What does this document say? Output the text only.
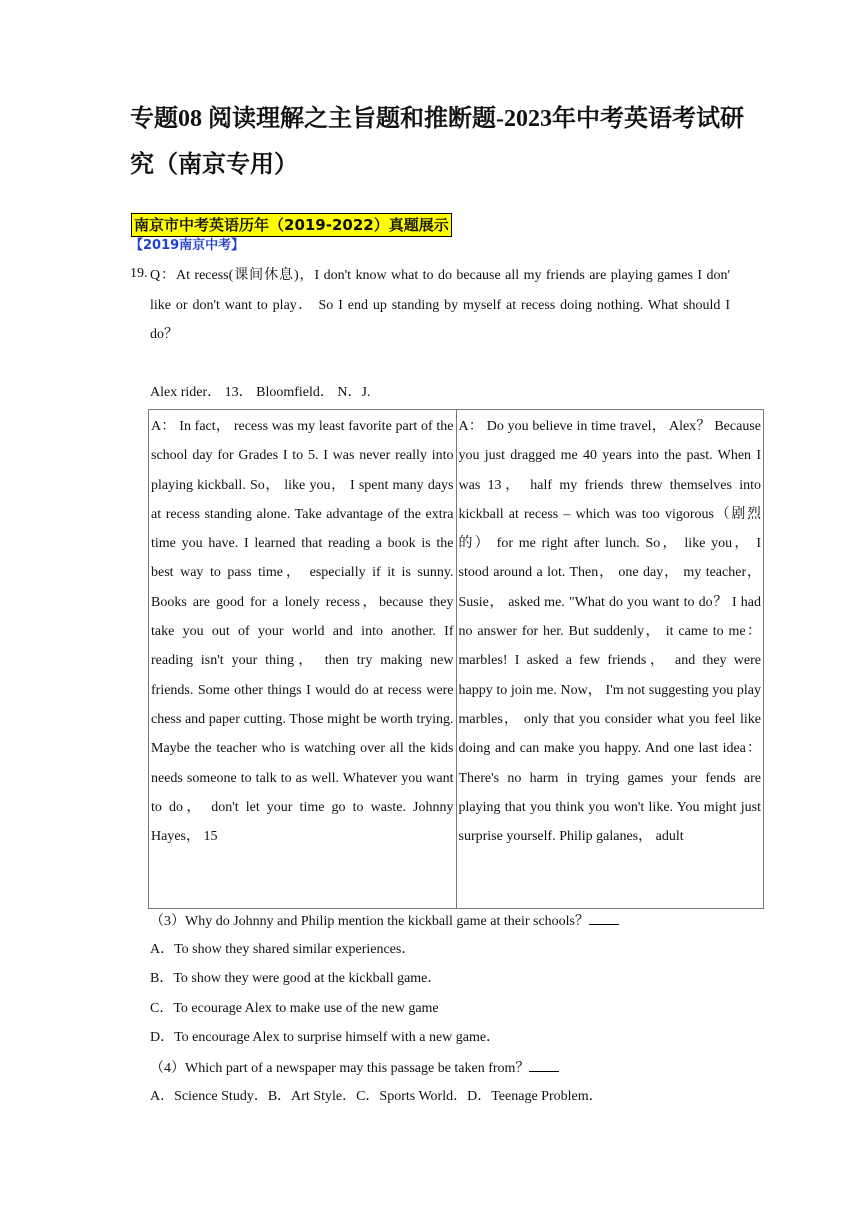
专题08 阅读理解之主旨题和推断题-2023年中考英语考试研究（南京专用）
南京市中考英语历年（2019-2022）真题展示
【2019南京中考】
19. Q：At recess(课间休息)，I don't know what to do because all my friends are playing games I don' like or don't want to play． So I end up standing by myself at recess doing nothing. What should I do？

Alex rider． 13． Bloomfield． N．J.
A： In fact， recess was my least favorite part of the school day for Grades I to 5. I was never really into playing kickball. So， like you， I spent many days at recess standing alone. Take advantage of the extra time you have. I learned that reading a book is the best way to pass time， especially if it is sunny. Books are good for a lonely recess，because they take you out of your world and into another. If reading isn't your thing， then try making new friends. Some other things I would do at recess were chess and paper cutting. Those might be worth trying. Maybe the teacher who is watching over all the kids needs someone to talk to as well. Whatever you want to do， don't let your time go to waste. Johnny Hayes， 15	A： Do you believe in time travel， Alex？ Because you just dragged me 40 years into the past. When I was 13， half my friends threw themselves into kickball at recess – which was too vigorous（剧烈的） for me right after lunch. So， like you， I stood around a lot. Then， one day， my teacher， Susie， asked me. "What do you want to do？ I had no answer for her. But suddenly， it came to me：marbles! I asked a few friends， and they were happy to join me. Now， I'm not suggesting you play marbles， only that you consider what you feel like doing and can make you happy. And one last idea： There's no harm in trying games your fends are playing that you think you won't like. You might just surprise yourself. Philip galanes， adult
（3）Why do Johnny and Philip mention the kickball game at their schools？
A．To show they shared similar experiences．
B．To show they were good at the kickball game．
C．To ecourage Alex to make use of the new game
D．To encourage Alex to surprise himself with a new game．
（4）Which part of a newspaper may this passage be taken from？
A．Science Study．B．Art Style．C．Sports World．D．Teenage Problem．
